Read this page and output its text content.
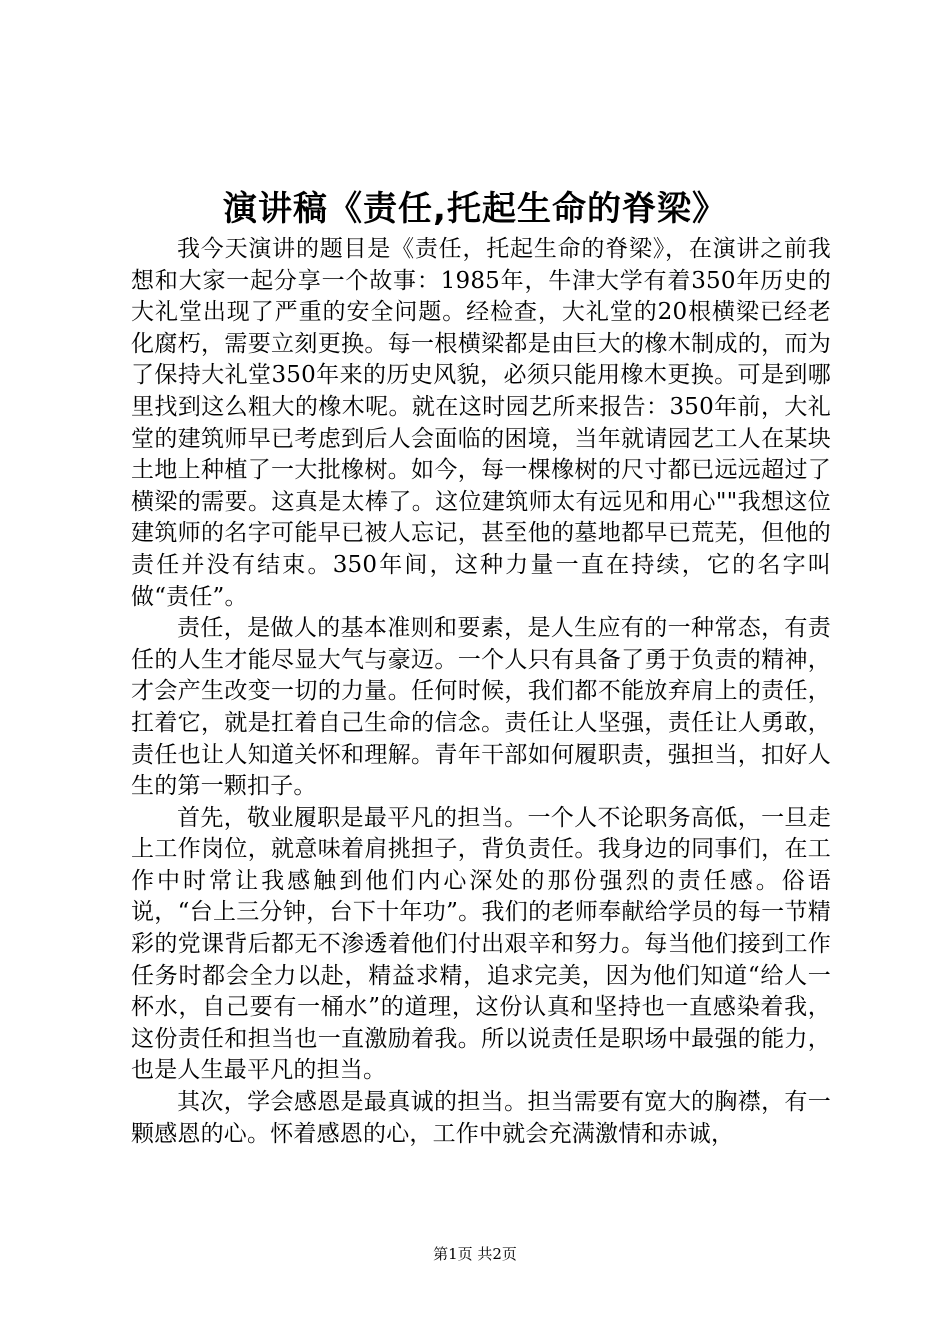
演讲稿《责任,托起生命的脊梁》

我今天演讲的题目是《责任，托起生命的脊梁》，在演讲之前我想和大家一起分享一个故事：1985年，牛津大学有着350年历史的大礼堂出现了严重的安全问题。经检查，大礼堂的20根横梁已经老化腐朽，需要立刻更换。每一根横梁都是由巨大的橡木制成的，而为了保持大礼堂350年来的历史风貌，必须只能用橡木更换。可是到哪里找到这么粗大的橡木呢。就在这时园艺所来报告：350年前，大礼堂的建筑师早已考虑到后人会面临的困境，当年就请园艺工人在某块土地上种植了一大批橡树。如今，每一棵橡树的尺寸都已远远超过了横梁的需要。这真是太棒了。这位建筑师太有远见和用心""我想这位建筑师的名字可能早已被人忘记，甚至他的墓地都早已荒芜，但他的责任并没有结束。350年间，这种力量一直在持续，它的名字叫做“责任”。

责任，是做人的基本准则和要素，是人生应有的一种常态，有责任的人生才能尽显大气与豪迈。一个人只有具备了勇于负责的精神，才会产生改变一切的力量。任何时候，我们都不能放弃肩上的责任，扛着它，就是扛着自己生命的信念。责任让人坚强，责任让人勇敢，责任也让人知道关怀和理解。青年干部如何履职责，强担当，扣好人生的第一颗扣子。

首先，敬业履职是最平凡的担当。一个人不论职务高低，一旦走上工作岗位，就意味着肩挑担子，背负责任。我身边的同事们，在工作中时常让我感触到他们内心深处的那份强烈的责任感。俗语说，“台上三分钟，台下十年功”。我们的老师奉献给学员的每一节精彩的党课背后都无不渗透着他们付出艰辛和努力。每当他们接到工作任务时都会全力以赴，精益求精，追求完美，因为他们知道“给人一杯水，自己要有一桶水”的道理，这份认真和坚持也一直感染着我，这份责任和担当也一直激励着我。所以说责任是职场中最强的能力，也是人生最平凡的担当。

其次，学会感恩是最真诚的担当。担当需要有宽大的胸襟，有一颗感恩的心。怀着感恩的心，工作中就会充满激情和赤诚，

第1页 共2页
